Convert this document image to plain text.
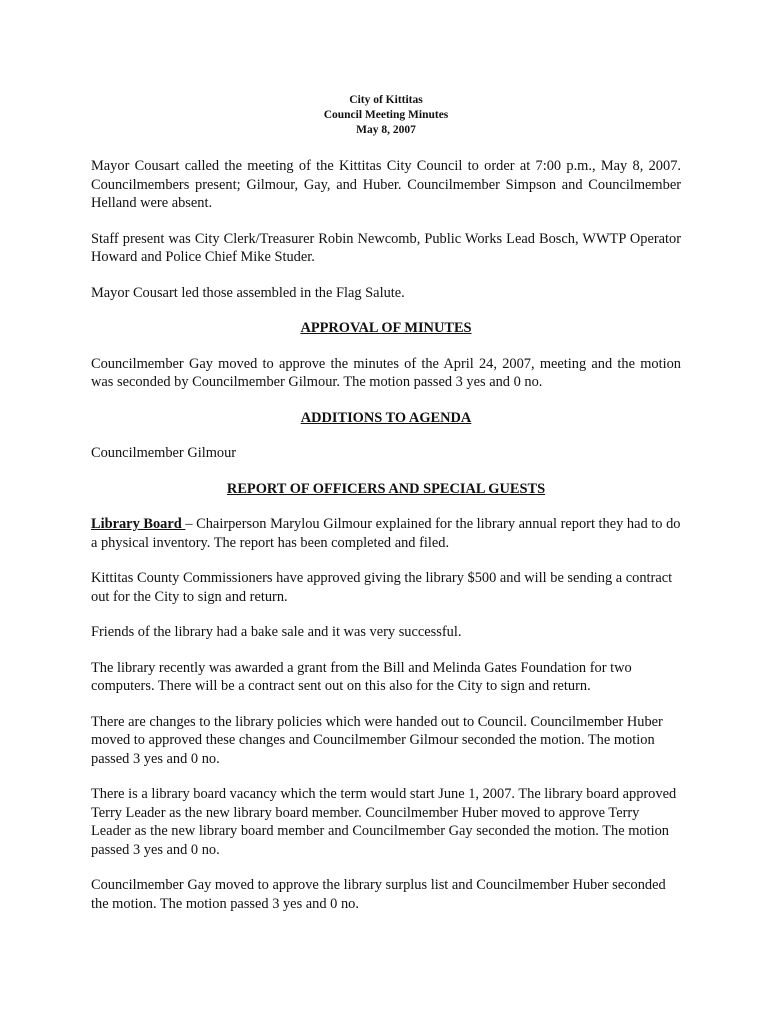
City of Kittitas
Council Meeting Minutes
May 8, 2007

Mayor Cousart called the meeting of the Kittitas City Council to order at 7:00 p.m., May 8, 2007. Councilmembers present; Gilmour, Gay, and Huber. Councilmember Simpson and Councilmember Helland were absent.

Staff present was City Clerk/Treasurer Robin Newcomb, Public Works Lead Bosch, WWTP Operator Howard and Police Chief Mike Studer.

Mayor Cousart led those assembled in the Flag Salute.

APPROVAL OF MINUTES

Councilmember Gay moved to approve the minutes of the April 24, 2007, meeting and the motion was seconded by Councilmember Gilmour. The motion passed 3 yes and 0 no.

ADDITIONS TO AGENDA

Councilmember Gilmour

REPORT OF OFFICERS AND SPECIAL GUESTS

Library Board – Chairperson Marylou Gilmour explained for the library annual report they had to do a physical inventory. The report has been completed and filed.

Kittitas County Commissioners have approved giving the library $500 and will be sending a contract out for the City to sign and return.

Friends of the library had a bake sale and it was very successful.

The library recently was awarded a grant from the Bill and Melinda Gates Foundation for two computers. There will be a contract sent out on this also for the City to sign and return.

There are changes to the library policies which were handed out to Council. Councilmember Huber moved to approved these changes and Councilmember Gilmour seconded the motion. The motion passed 3 yes and 0 no.

There is a library board vacancy which the term would start June 1, 2007. The library board approved Terry Leader as the new library board member. Councilmember Huber moved to approve Terry Leader as the new library board member and Councilmember Gay seconded the motion. The motion passed 3 yes and 0 no.

Councilmember Gay moved to approve the library surplus list and Councilmember Huber seconded the motion. The motion passed 3 yes and 0 no.
